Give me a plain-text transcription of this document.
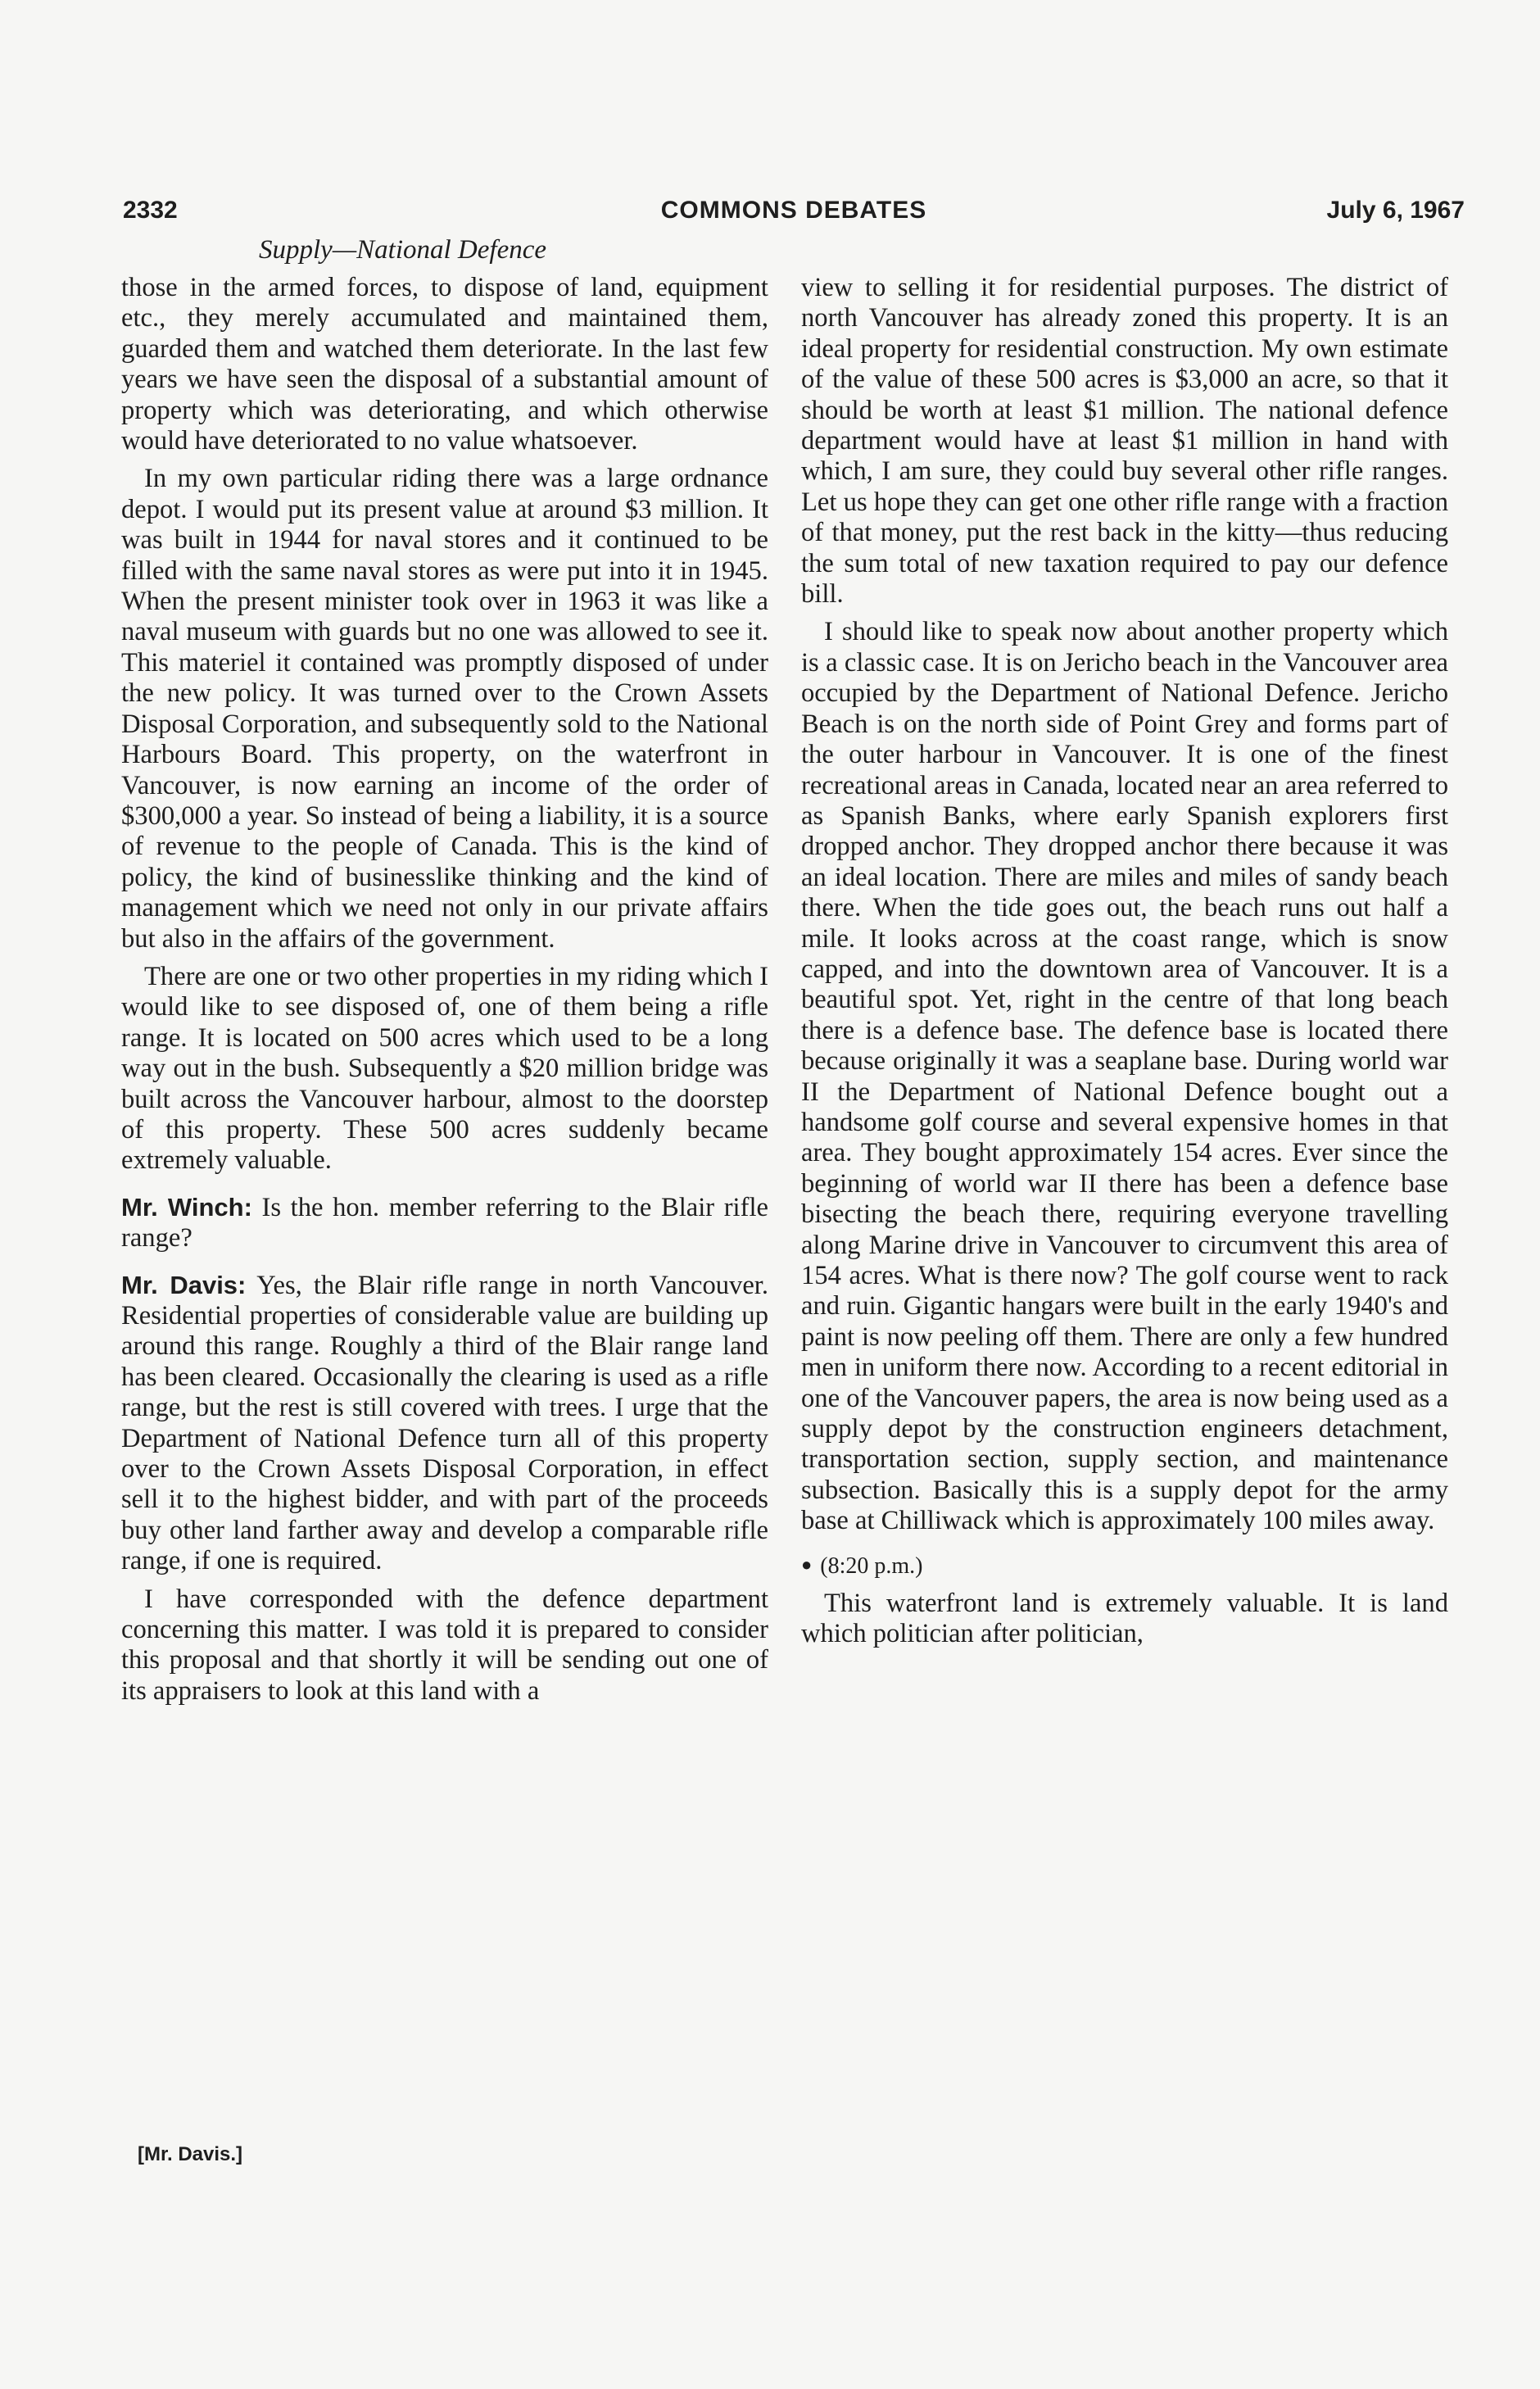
2332	COMMONS DEBATES	July 6, 1967
Supply—National Defence

those in the armed forces, to dispose of land, equipment etc., they merely accumulated and maintained them, guarded them and watched them deteriorate. In the last few years we have seen the disposal of a substantial amount of property which was deteriorating, and which otherwise would have deteriorated to no value whatsoever.

In my own particular riding there was a large ordnance depot. I would put its present value at around $3 million. It was built in 1944 for naval stores and it continued to be filled with the same naval stores as were put into it in 1945. When the present minister took over in 1963 it was like a naval museum with guards but no one was allowed to see it. This materiel it contained was promptly disposed of under the new policy. It was turned over to the Crown Assets Disposal Corporation, and subsequently sold to the National Harbours Board. This property, on the waterfront in Vancouver, is now earning an income of the order of $300,000 a year. So instead of being a liability, it is a source of revenue to the people of Canada. This is the kind of policy, the kind of businesslike thinking and the kind of management which we need not only in our private affairs but also in the affairs of the government.

There are one or two other properties in my riding which I would like to see disposed of, one of them being a rifle range. It is located on 500 acres which used to be a long way out in the bush. Subsequently a $20 million bridge was built across the Vancouver harbour, almost to the doorstep of this property. These 500 acres suddenly became extremely valuable.

Mr. Winch: Is the hon. member referring to the Blair rifle range?

Mr. Davis: Yes, the Blair rifle range in north Vancouver. Residential properties of considerable value are building up around this range. Roughly a third of the Blair range land has been cleared. Occasionally the clearing is used as a rifle range, but the rest is still covered with trees. I urge that the Department of National Defence turn all of this property over to the Crown Assets Disposal Corporation, in effect sell it to the highest bidder, and with part of the proceeds buy other land farther away and develop a comparable rifle range, if one is required.

I have corresponded with the defence department concerning this matter. I was told it is prepared to consider this proposal and that shortly it will be sending out one of its appraisers to look at this land with a

view to selling it for residential purposes. The district of north Vancouver has already zoned this property. It is an ideal property for residential construction. My own estimate of the value of these 500 acres is $3,000 an acre, so that it should be worth at least $1 million. The national defence department would have at least $1 million in hand with which, I am sure, they could buy several other rifle ranges. Let us hope they can get one other rifle range with a fraction of that money, put the rest back in the kitty—thus reducing the sum total of new taxation required to pay our defence bill.

I should like to speak now about another property which is a classic case. It is on Jericho beach in the Vancouver area occupied by the Department of National Defence. Jericho Beach is on the north side of Point Grey and forms part of the outer harbour in Vancouver. It is one of the finest recreational areas in Canada, located near an area referred to as Spanish Banks, where early Spanish explorers first dropped anchor. They dropped anchor there because it was an ideal location. There are miles and miles of sandy beach there. When the tide goes out, the beach runs out half a mile. It looks across at the coast range, which is snow capped, and into the downtown area of Vancouver. It is a beautiful spot. Yet, right in the centre of that long beach there is a defence base. The defence base is located there because originally it was a seaplane base. During world war II the Department of National Defence bought out a handsome golf course and several expensive homes in that area. They bought approximately 154 acres. Ever since the beginning of world war II there has been a defence base bisecting the beach there, requiring everyone travelling along Marine drive in Vancouver to circumvent this area of 154 acres. What is there now? The golf course went to rack and ruin. Gigantic hangars were built in the early 1940's and paint is now peeling off them. There are only a few hundred men in uniform there now. According to a recent editorial in one of the Vancouver papers, the area is now being used as a supply depot by the construction engineers detachment, transportation section, supply section, and maintenance subsection. Basically this is a supply depot for the army base at Chilliwack which is approximately 100 miles away.

● (8:20 p.m.)

This waterfront land is extremely valuable. It is land which politician after politician,

[Mr. Davis.]
